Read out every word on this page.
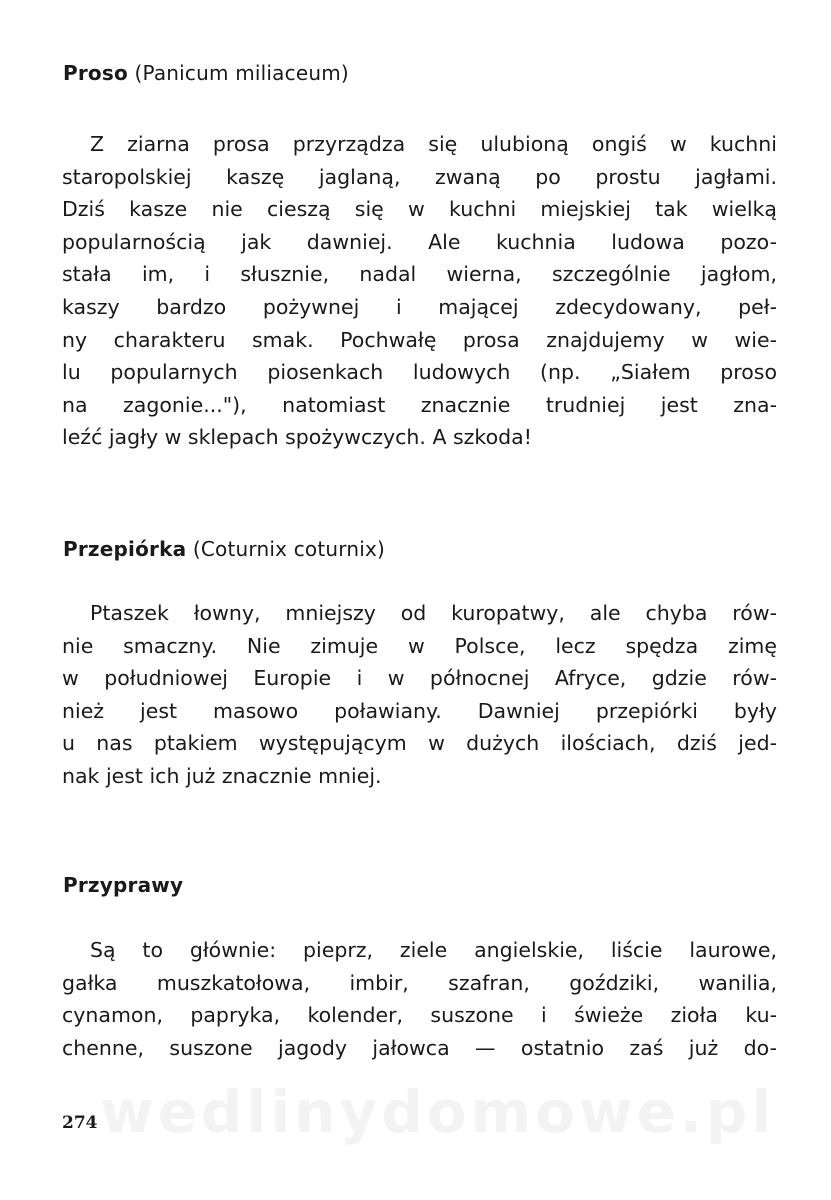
Proso (Panicum miliaceum)
Z ziarna prosa przyrządza się ulubioną ongiś w kuchni
staropolskiej kaszę jaglaną, zwaną po prostu jagłami.
Dziś kasze nie cieszą się w kuchni miejskiej tak wielką
popularnością jak dawniej. Ale kuchnia ludowa pozo-
stała im, i słusznie, nadal wierna, szczególnie jagłom,
kaszy bardzo pożywnej i mającej zdecydowany, peł-
ny charakteru smak. Pochwałę prosa znajdujemy w wie-
lu popularnych piosenkach ludowych (np. „Siałem proso
na zagonie..."), natomiast znacznie trudniej jest zna-
leźć jagły w sklepach spożywczych. A szkoda!
Przepiórka (Coturnix coturnix)
Ptaszek łowny, mniejszy od kuropatwy, ale chyba rów-
nie smaczny. Nie zimuje w Polsce, lecz spędza zimę
w południowej Europie i w północnej Afryce, gdzie rów-
nież jest masowo poławiany. Dawniej przepiórki były
u nas ptakiem występującym w dużych ilościach, dziś jed-
nak jest ich już znacznie mniej.
Przyprawy
Są to głównie: pieprz, ziele angielskie, liście laurowe,
gałka muszkatołowa, imbir, szafran, goździki, wanilia,
cynamon, papryka, kolender, suszone i świeże zioła ku-
chenne, suszone jagody jałowca — ostatnio zaś już do-
wedlinydomowe.pl
274
